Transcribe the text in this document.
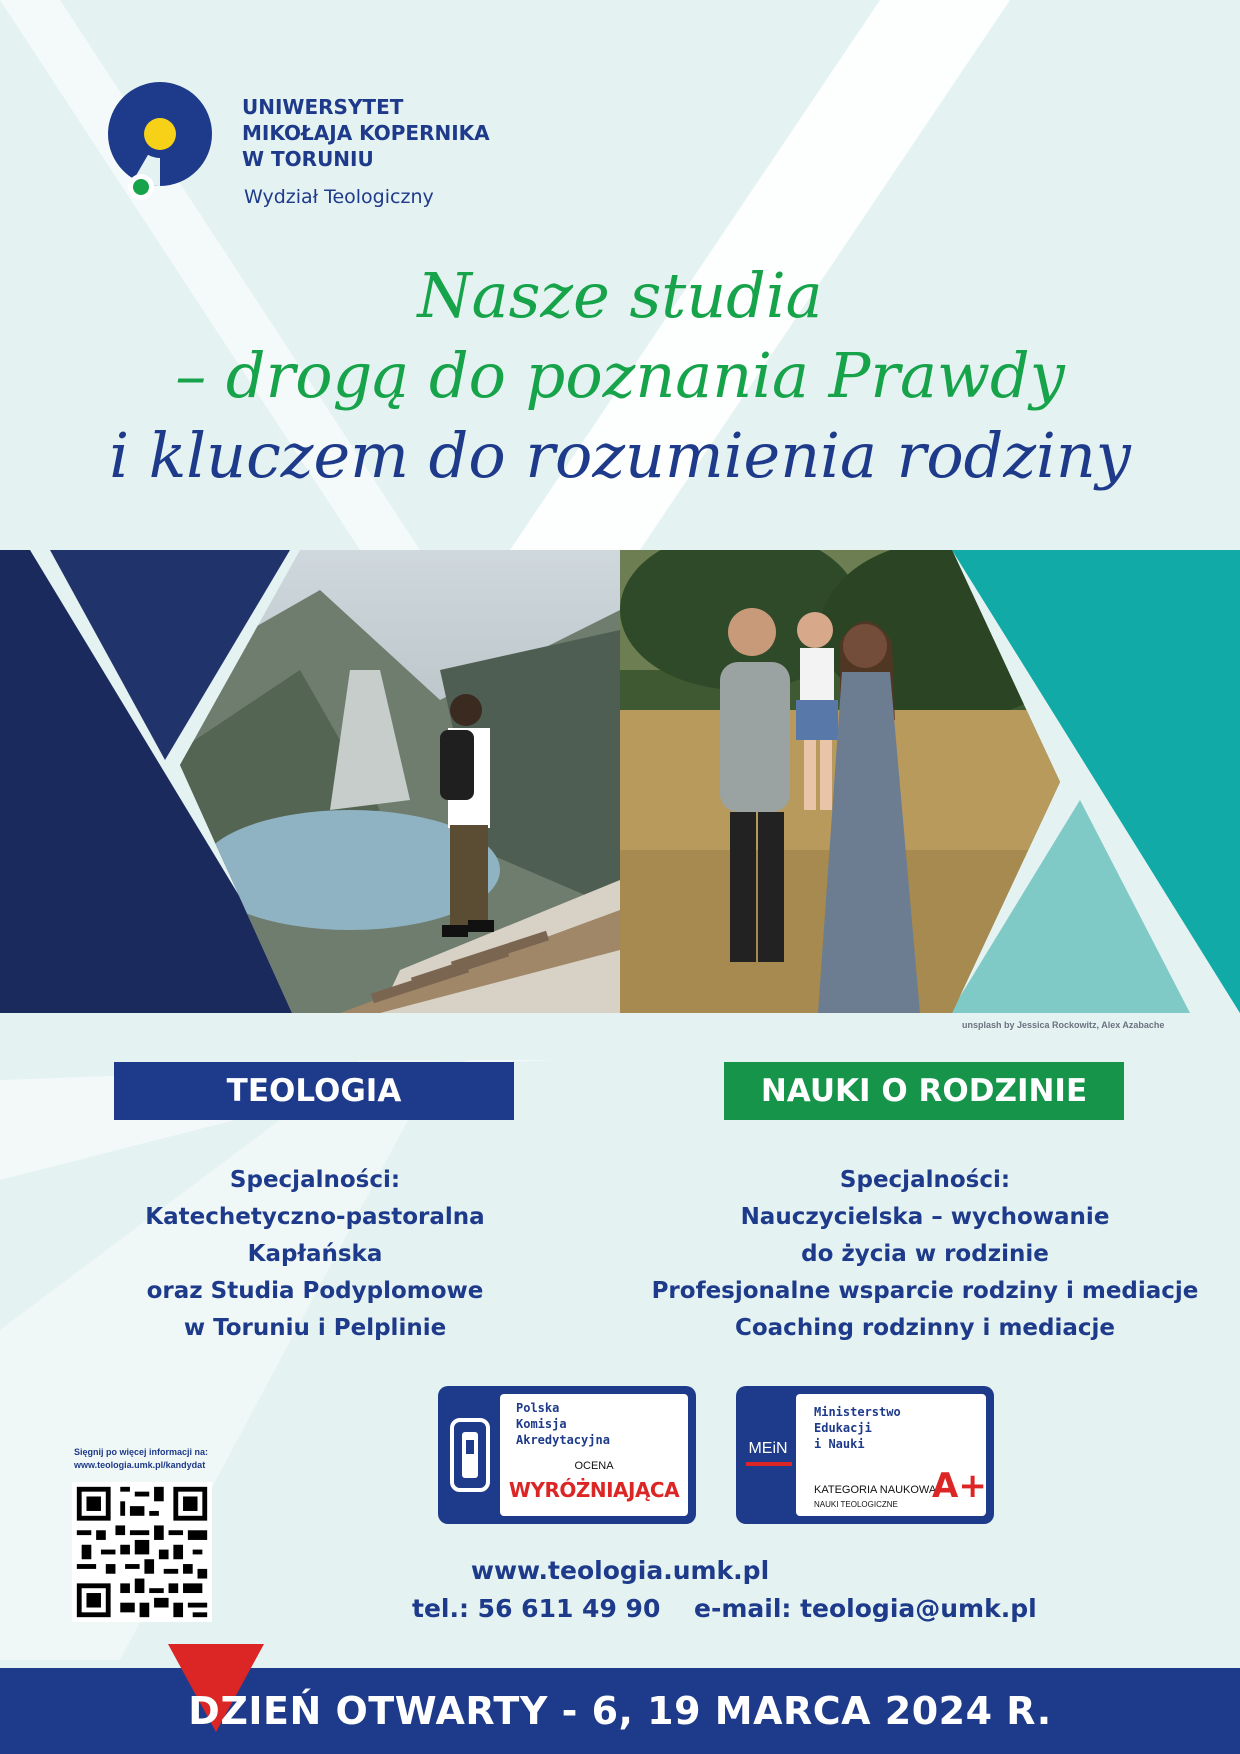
UNIWERSYTET
MIKOŁAJA KOPERNIKA
W TORUNIU
Wydział Teologiczny
Nasze studia
– drogą do poznania Prawdy
i kluczem do rozumienia rodziny
unsplash by Jessica Rockowitz, Alex Azabache
TEOLOGIA	NAUKI O RODZINIE
Specjalności:
Katechetyczno-pastoralna
Kapłańska
oraz Studia Podyplomowe
w Toruniu i Pelplinie
Specjalności:
Nauczycielska – wychowanie
do życia w rodzinie
Profesjonalne wsparcie rodziny i mediacje
Coaching rodzinny i mediacje
Polska
Komisja
Akredytacyjna
OCENA
WYRÓŻNIAJĄCA
MEiN
Ministerstwo
Edukacji
i Nauki
KATEGORIA NAUKOWA
NAUKI TEOLOGICZNE A+
Sięgnij po więcej informacji na:
www.teologia.umk.pl/kandydat
www.teologia.umk.pl
tel.: 56 611 49 90 e-mail: teologia@umk.pl
DZIEŃ OTWARTY - 6, 19 MARCA 2024 R.
